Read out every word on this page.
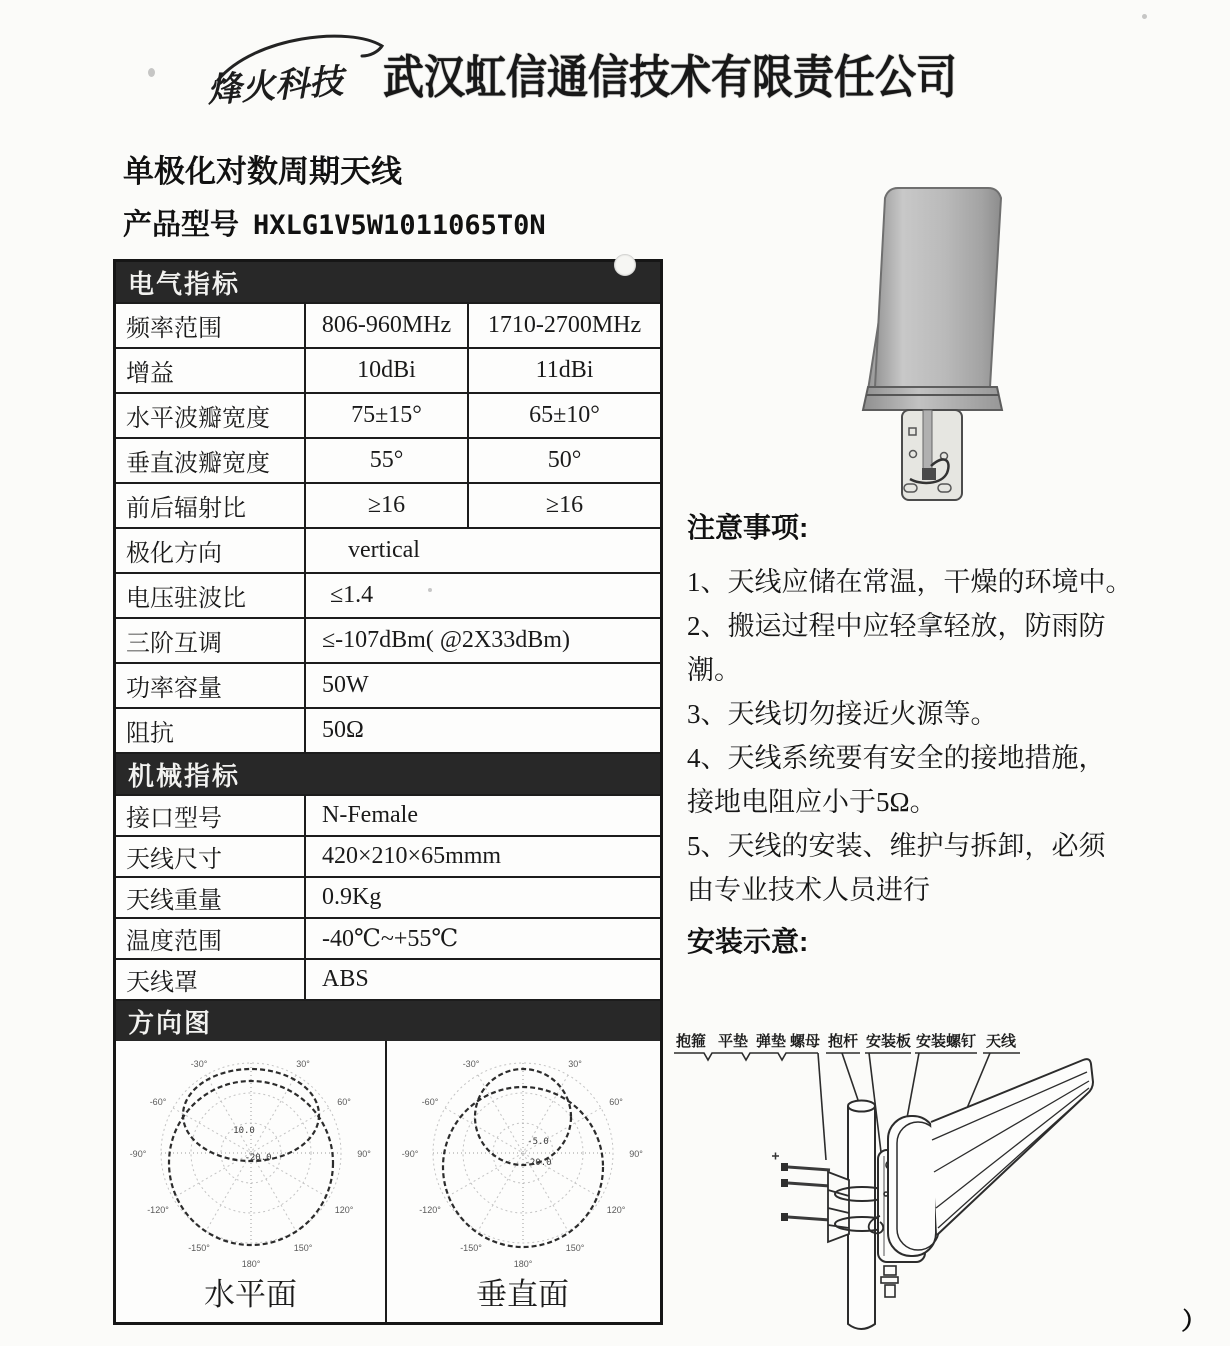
烽火科技 武汉虹信通信技术有限责任公司
单极化对数周期天线
产品型号 HXLG1V5W1011065T0N
电气指标
频率范围	806-960MHz	1710-2700MHz
增益	10dBi	11dBi
水平波瓣宽度	75±15°	65±10°
垂直波瓣宽度	55°	50°
前后辐射比	≥16	≥16
极化方向	vertical
电压驻波比	≤1.4
三阶互调	≤-107dBm( @2X33dBm)
功率容量	50W
阻抗	50Ω
机械指标
接口型号	N-Female
天线尺寸	420×210×65mmm
天线重量	0.9Kg
温度范围	-40℃~+55℃
天线罩	ABS
方向图
-30°	30°
-60°	60°
-90°	90°
-120°	120°
-150°	150°
180°
10.0
-20.0
水平面
-30°	30°
-60°	60°
-90°	90°
-120°	120°
-150°	150°
180°
-5.0
-20.0
垂直面
注意事项:
1、天线应储在常温，干燥的环境中。
2、搬运过程中应轻拿轻放，防雨防
潮。
3、天线切勿接近火源等。
4、天线系统要有安全的接地措施，
接地电阻应小于5Ω。
5、天线的安装、维护与拆卸，必须
由专业技术人员进行
安装示意:
抱箍 平垫 弹垫 螺母 抱杆 安装板 安装螺钉 天线
）
